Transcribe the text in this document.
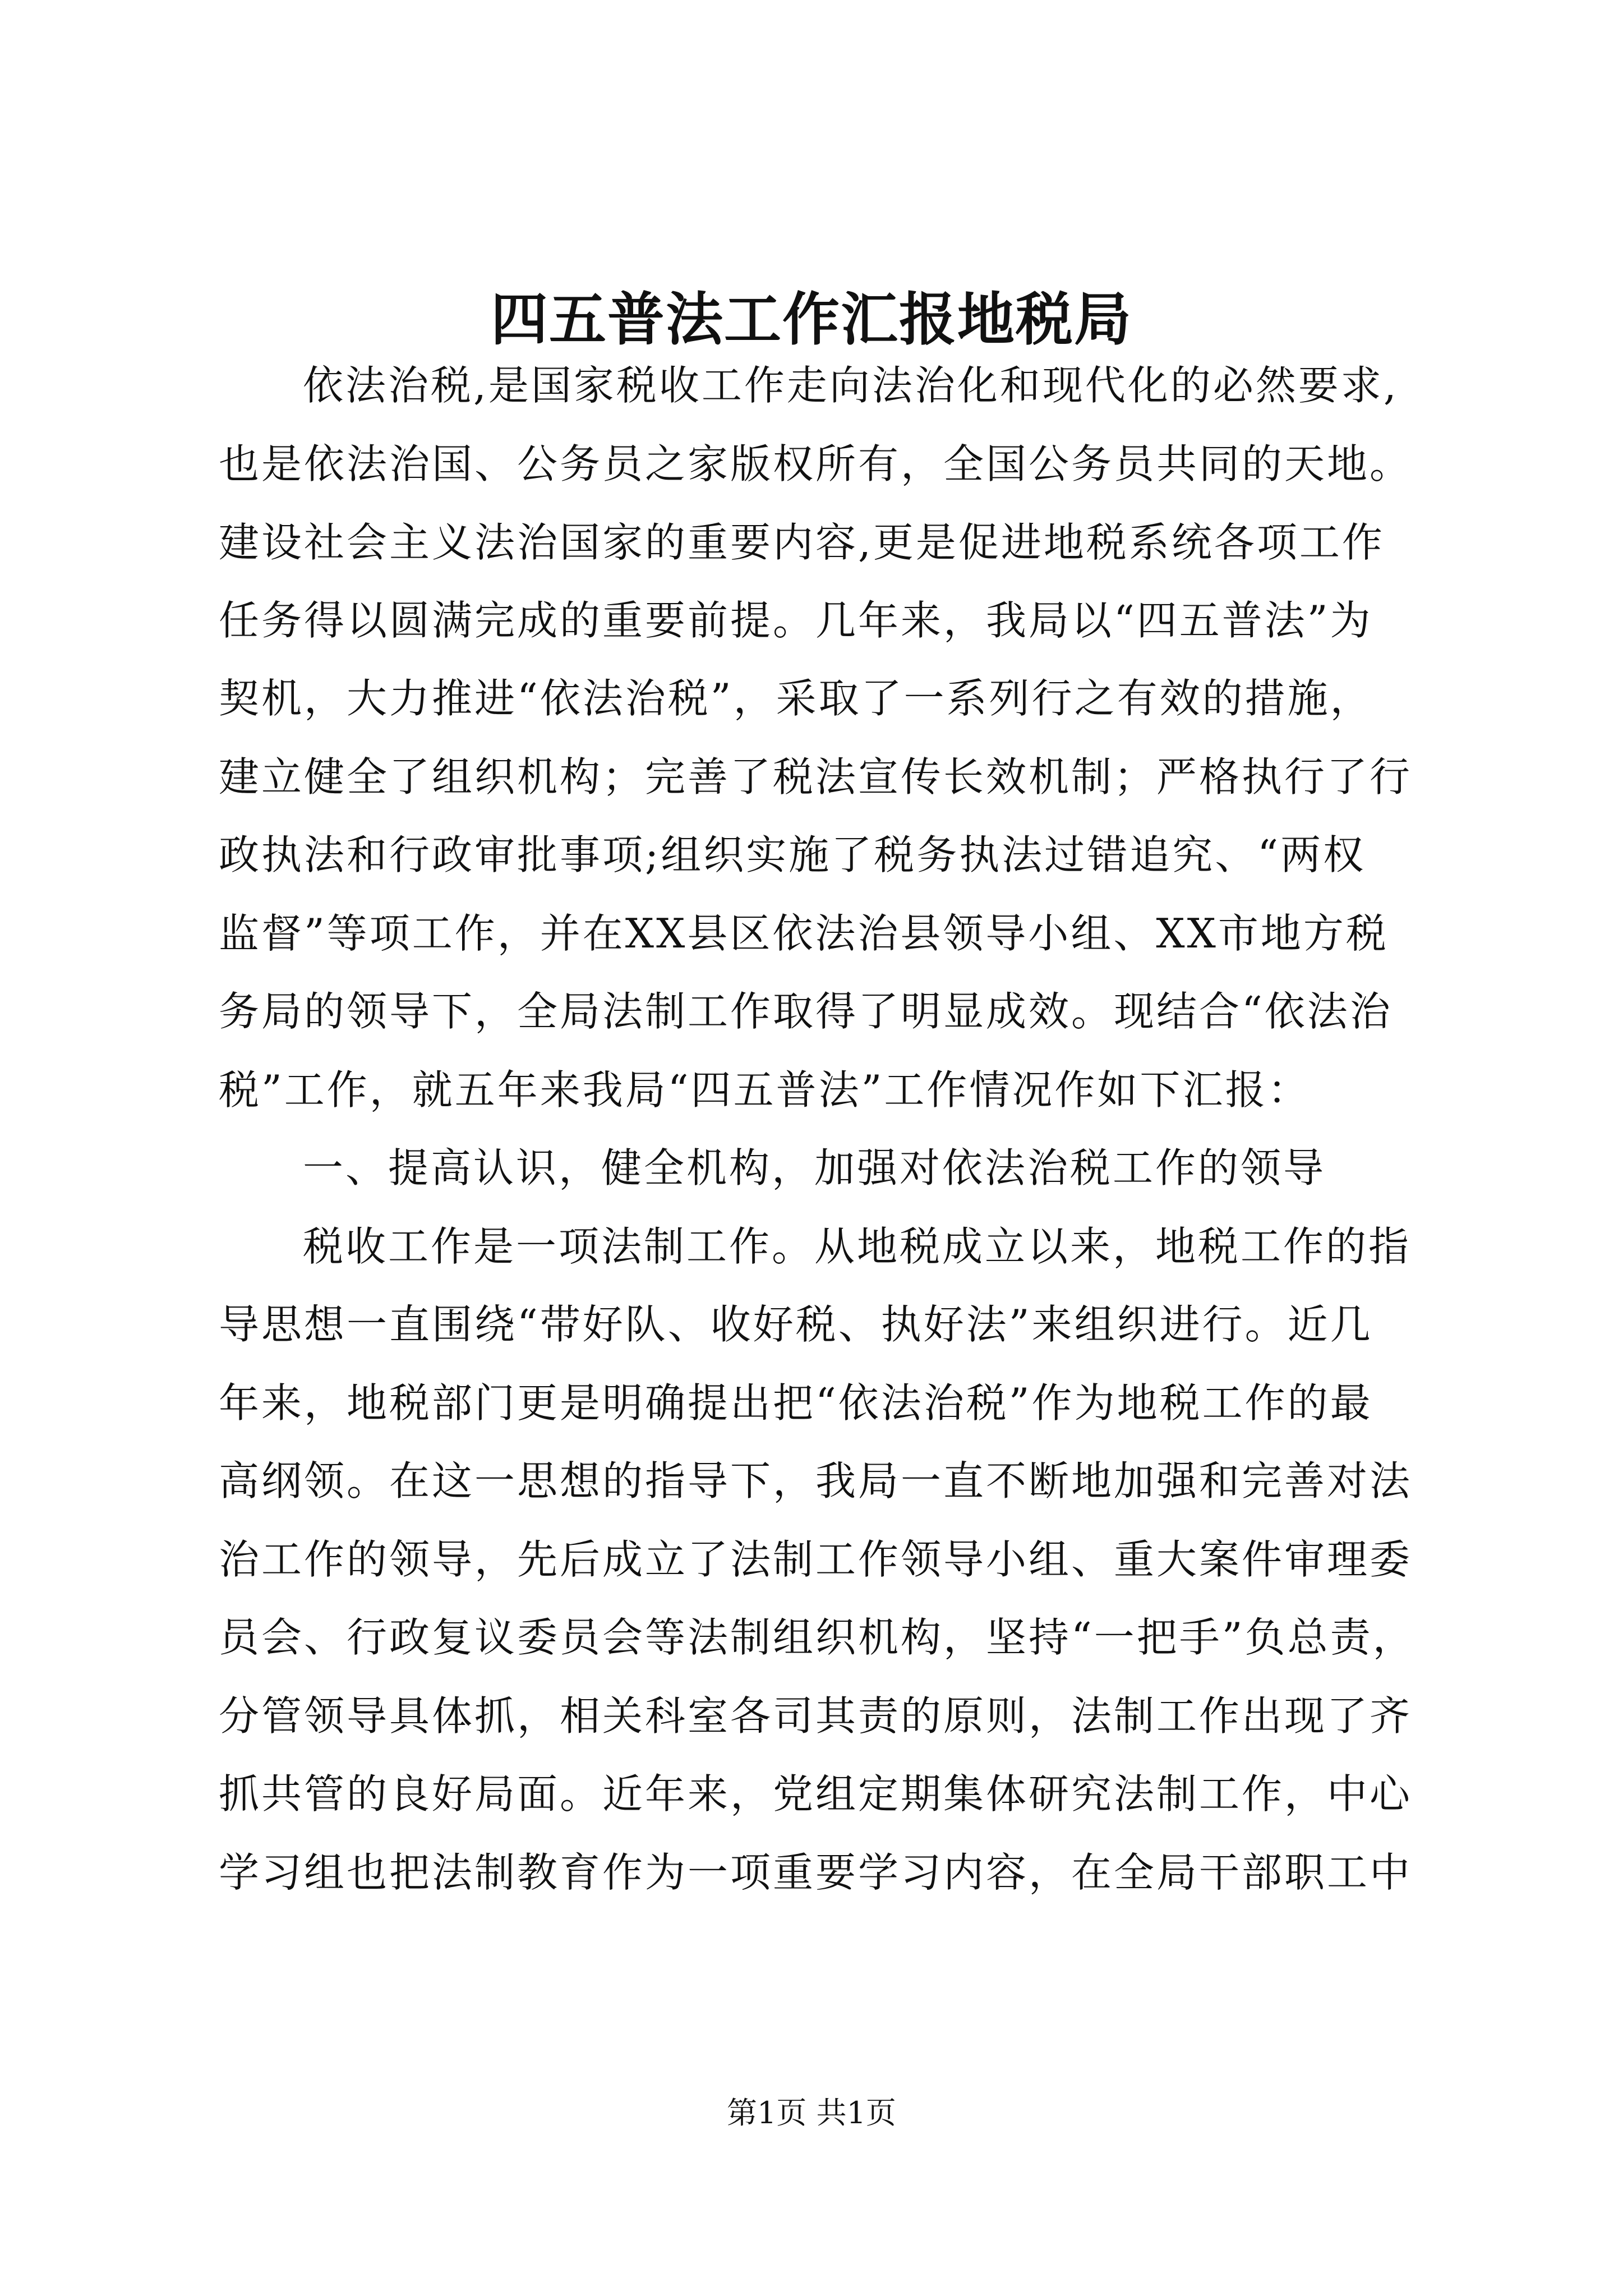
四五普法工作汇报地税局
依法治税,是国家税收工作走向法治化和现代化的必然要求,
也是依法治国、公务员之家版权所有，全国公务员共同的天地。
建设社会主义法治国家的重要内容,更是促进地税系统各项工作
任务得以圆满完成的重要前提。几年来，我局以“四五普法”为
契机，大力推进“依法治税”，采取了一系列行之有效的措施，
建立健全了组织机构；完善了税法宣传长效机制；严格执行了行
政执法和行政审批事项;组织实施了税务执法过错追究、“两权
监督”等项工作，并在XX县区依法治县领导小组、XX市地方税
务局的领导下，全局法制工作取得了明显成效。现结合“依法治
税”工作，就五年来我局“四五普法”工作情况作如下汇报：
一、提高认识，健全机构，加强对依法治税工作的领导
税收工作是一项法制工作。从地税成立以来，地税工作的指
导思想一直围绕“带好队、收好税、执好法”来组织进行。近几
年来，地税部门更是明确提出把“依法治税”作为地税工作的最
高纲领。在这一思想的指导下，我局一直不断地加强和完善对法
治工作的领导，先后成立了法制工作领导小组、重大案件审理委
员会、行政复议委员会等法制组织机构，坚持“一把手”负总责，
分管领导具体抓，相关科室各司其责的原则，法制工作出现了齐
抓共管的良好局面。近年来，党组定期集体研究法制工作，中心
学习组也把法制教育作为一项重要学习内容，在全局干部职工中
第1页 共1页
